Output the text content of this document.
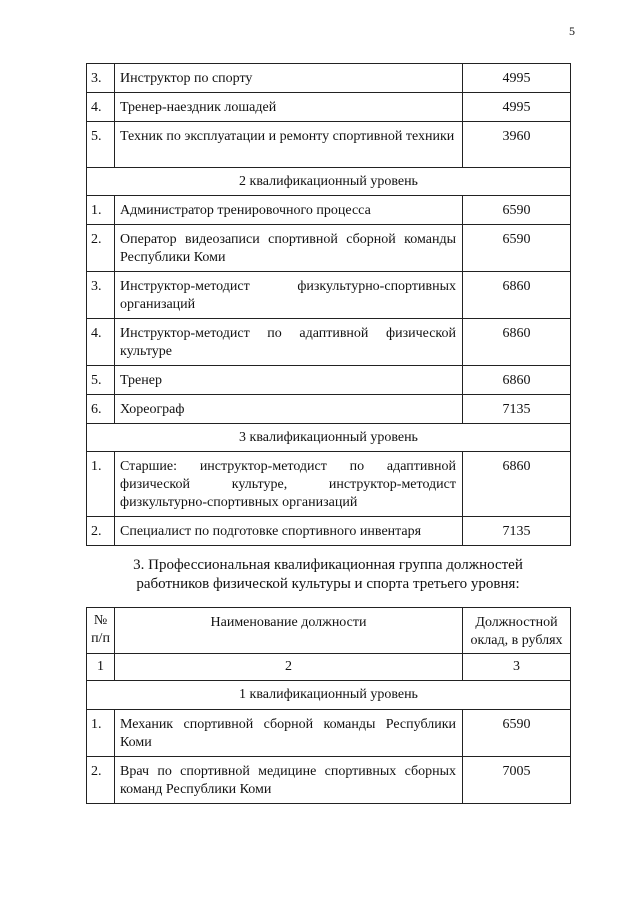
5
3.	Инструктор по спорту	4995
4.	Тренер-наездник лошадей	4995
5.	Техник по эксплуатации и ремонту спортивной техники	3960
2 квалификационный уровень		
1.	Администратор тренировочного процесса	6590
2.	Оператор видеозаписи спортивной сборной команды Республики Коми	6590
3.	Инструктор-методист физкультурно-спортивных организаций	6860
4.	Инструктор-методист по адаптивной физической культуре	6860
5.	Тренер	6860
6.	Хореограф	7135
3 квалификационный уровень		
1.	Старшие: инструктор-методист по адаптивной физической культуре, инструктор-методист физкультурно-спортивных организаций	6860
2.	Специалист по подготовке спортивного инвентаря	7135
3. Профессиональная квалификационная группа должностей
работников физической культуры и спорта третьего уровня:
№ п/п	Наименование должности	Должностной оклад, в рублях
1	2	3
1 квалификационный уровень		
1.	Механик спортивной сборной команды Республики Коми	6590
2.	Врач по спортивной медицине спортивных сборных команд Республики Коми	7005
